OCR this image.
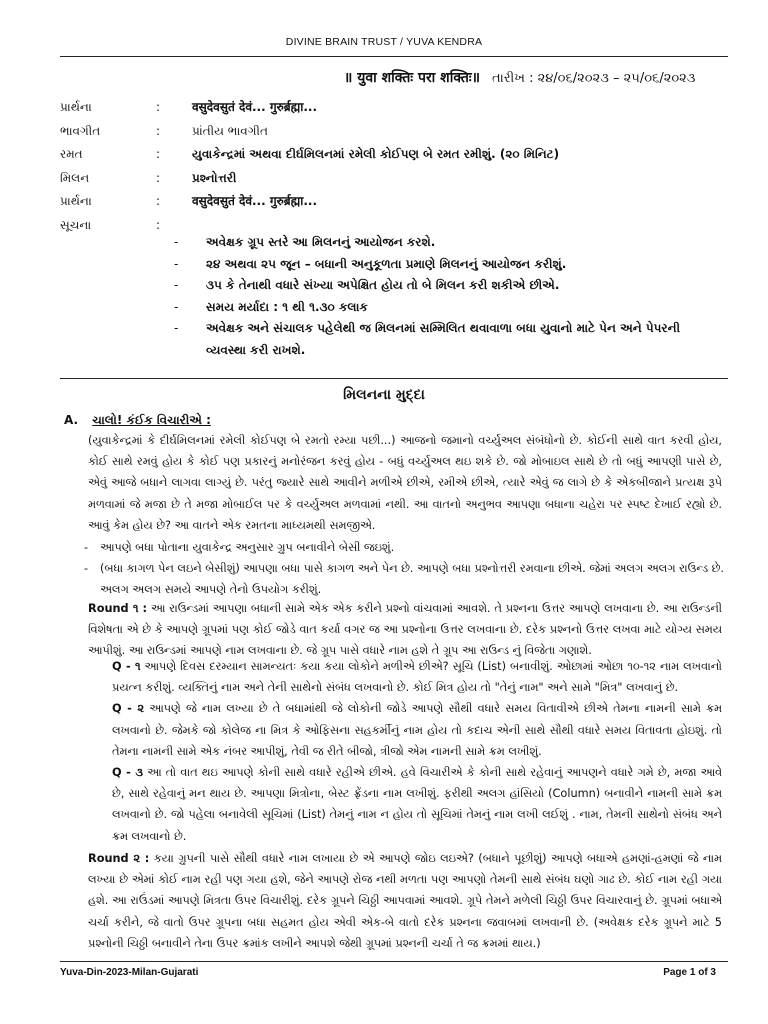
DIVINE BRAIN TRUST / YUVA KENDRA
॥ युवा शक्तिः परा शक्तिः॥ તારીખ : ૨૪/૦૬/૨૦૨૩ – ૨૫/૦૬/૨૦૨૩
પ્રાર્થના	:	वसुदेवसुतं देवं... गुरुर्ब्रह्मा...
ભાવગીત	:	પ્રાંતીય ભાવગીત
રમત	:	યુવાકેન્દ્રમાં અથવા દીર્ઘમિલનમાં રમેલી કોઈપણ બે રમત રમીશું. (૨૦ મિનિટ)
મિલન	:	પ્રશ્નોત્તરી
પ્રાર્થના	:	वसुदेवसुतं देवं... गुरुर्ब्रह्मा...
સૂચના	:
- અવેક્ષક ગ્રૂપ સ્તરે આ મિલનનું આયોજન કરશે.
- ૨૪ અથવા ૨૫ જૂન – બધાની અનુકૂળતા પ્રમાણે મિલનનું આયોજન કરીશું.
- ૩૫ કે તેનાથી વધારે સંખ્યા અપેક્ષિત હોય તો બે મિલન કરી શકીએ છીએ.
- સમય મર્યાદા : ૧ થી ૧.૩૦ કલાક
- અવેક્ષક અને સંચાલક પહેલેથી જ મિલનમાં સમ્મિલિત થવાવાળા બધા યુવાનો માટે પેન અને પેપરની વ્યવસ્થા કરી રાખશે.
મિલનના મુદ્દા
A. ચાલો! કંઈક વિચારીએ :
(યુવાકેન્દ્રમાં કે દીર્ઘમિલનમાં રમેલી કોઈપણ બે રમતો રમ્યા પછી...) આજનો જમાનો વર્ચ્યુઅલ સંબંધોનો છે. કોઈની સાથે વાત કરવી હોય, કોઈ સાથે રમવું હોય કે કોઈ પણ પ્રકારનું મનોરંજન કરવું હોય - બધું વર્ચ્યુઅલ થઇ શકે છે. જો મોબાઇલ સાથે છે તો બધું આપણી પાસે છે, એવું આજે બધાને લાગવા લાગ્યું છે. પરંતુ જ્યારે સાથે આવીને મળીએ છીએ, રમીએ છીએ, ત્યારે એવું જ લાગે છે કે એકબીજાને પ્રત્યક્ષ રૂપે મળવામાં જે મજા છે તે મજા મોબાઈલ પર કે વર્ચ્યુઅલ મળવામાં નથી. આ વાતનો અનુભવ આપણા બધાના ચહેરા પર સ્પષ્ટ દેખાઈ રહ્યો છે. આવું કેમ હોય છે? આ વાતને એક રમતના માધ્યમથી સમજીએ.
- આપણે બધા પોતાના યુવાકેન્દ્ર અનુસાર ગ્રુપ બનાવીને બેસી જઇશું.
- (બધા કાગળ પેન લઇને બેસીશું) આપણા બધા પાસે કાગળ અને પેન છે. આપણે બધા પ્રશ્નોત્તરી રમવાના છીએ. જેમાં અલગ અલગ રાઉન્ડ છે. અલગ અલગ સમયે આપણે તેનો ઉપયોગ કરીશું.
Round ૧ : આ રાઉન્ડમાં આપણા બધાની સામે એક એક કરીને પ્રશ્નો વાંચવામાં આવશે. તે પ્રશ્નના ઉત્તર આપણે લખવાના છે. આ રાઉન્ડની વિશેષતા એ છે કે આપણે ગ્રૂપમાં પણ કોઈ જોડે વાત કર્યા વગર જ આ પ્રશ્નોના ઉત્તર લખવાના છે. દરેક પ્રશ્નનો ઉત્તર લખવા માટે યોગ્ય સમય આપીશું. આ રાઉન્ડમાં આપણે નામ લખવાના છે. જે ગ્રૂપ પાસે વધારે નામ હશે તે ગ્રૂપ આ રાઉન્ડ નું વિજેતા ગણાશે.
Q - ૧ આપણે દિવસ દરમ્યાન સામન્યતઃ કયા કયા લોકોને મળીએ છીએ? સૂચિ (List) બનાવીશું. ઓછામાં ઓછા ૧૦-૧૨ નામ લખવાનો પ્રયત્ન કરીશું. વ્યક્તિનું નામ અને તેની સાથેનો સંબંધ લખવાનો છે. કોઈ મિત્ર હોય તો "તેનું નામ" અને સામે "મિત્ર" લખવાનું છે.
Q - ૨ આપણે જે નામ લખ્યા છે તે બધામાંથી જે લોકોની જોડે આપણે સૌથી વધારે સમય વિતાવીએ છીએ તેમના નામની સામે ક્રમ લખવાનો છે. જેમકે જો કોલેજ ના મિત્ર કે ઓફિસના સહકર્મીનું નામ હોય તો કદાચ એની સાથે સૌથી વધારે સમય વિતાવતા હોઇશું. તો તેમના નામની સામે એક નંબર આપીશું, તેવી જ રીતે બીજો, ત્રીજો એમ નામની સામે ક્રમ લખીશું.
Q - ૩ આ તો વાત થઇ આપણે કોની સાથે વધારે રહીએ છીએ. હવે વિચારીએ કે કોની સાથે રહેવાનું આપણને વધારે ગમે છે, મજા આવે છે, સાથે રહેવાનું મન થાય છે. આપણા મિત્રોના, બેસ્ટ ફ્રેંડના નામ લખીશું. ફરીથી અલગ હાંસિયો (Column) બનાવીને નામની સામે ક્રમ લખવાનો છે. જો પહેલા બનાવેલી સૂચિમાં (List) તેમનું નામ ન હોય તો સૂચિમાં તેમનું નામ લખી લઈશું . નામ, તેમની સાથેનો સંબંધ અને ક્રમ લખવાનો છે.
Round ૨ : કયા ગ્રુપની પાસે સૌથી વધારે નામ લખાયા છે એ આપણે જોઇ લઇએ? (બધાને પૂછીશું) આપણે બધાએ હમણાં-હમણાં જે નામ લખ્યા છે એમાં કોઈ નામ રહી પણ ગયા હશે, જેને આપણે રોજ નથી મળતા પણ આપણો તેમની સાથે સંબંધ ઘણો ગાઢ છે. કોઈ નામ રહી ગયા હશે. આ રાઉંડમાં આપણે મિત્રતા ઉપર વિચારીશું. દરેક ગ્રૂપને ચિઠ્ઠી આપવામાં આવશે. ગ્રૂપે તેમને મળેલી ચિઠ્ઠી ઉપર વિચારવાનું છે. ગ્રૂપમાં બધાએ ચર્ચા કરીને, જે વાતો ઉપર ગ્રૂપના બધા સહમત હોય એવી એક-બે વાતો દરેક પ્રશ્નના જવાબમાં લખવાની છે. (અવેક્ષક દરેક ગ્રૂપને માટે 5 પ્રશ્નોની ચિઠ્ઠી બનાવીને તેના ઉપર ક્રમાંક લખીને આપશે જેથી ગ્રૂપમાં પ્રશ્નની ચર્ચા તે જ ક્રમમાં થાય.)
Yuva-Din-2023-Milan-Gujarati	Page 1 of 3
